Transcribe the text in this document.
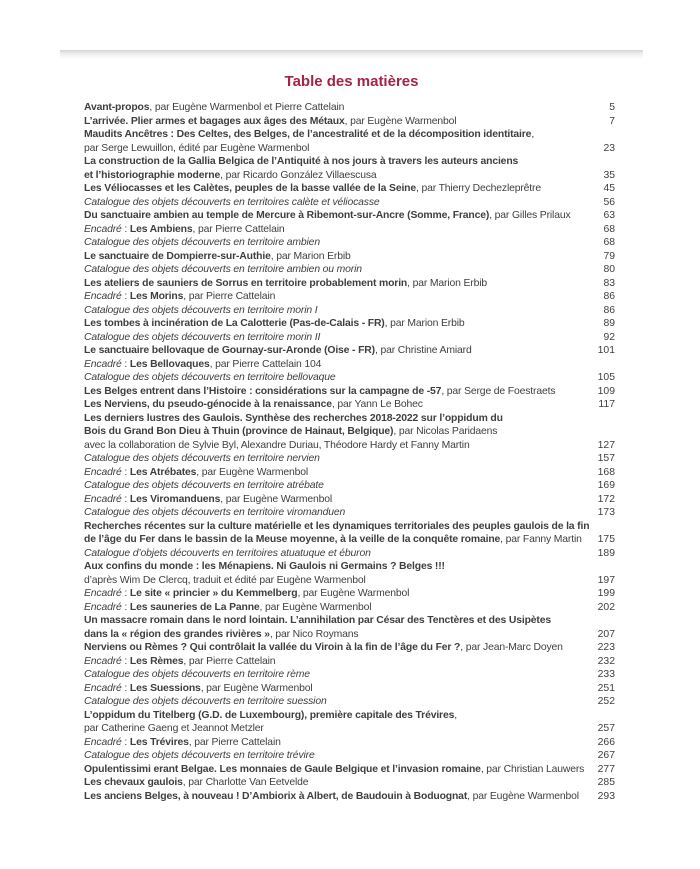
Table des matières
Avant-propos, par Eugène Warmenbol et Pierre Cattelain	5
L’arrivée. Plier armes et bagages aux âges des Métaux, par Eugène Warmenbol	7
Maudits Ancêtres : Des Celtes, des Belges, de l’ancestralité et de la décomposition identitaire,
par Serge Lewuillon, édité par Eugène Warmenbol	23
La construction de la Gallia Belgica de l’Antiquité à nos jours à travers les auteurs anciens
et l’historiographie moderne, par Ricardo González Villaescusa	35
Les Véliocasses et les Calètes, peuples de la basse vallée de la Seine, par Thierry Dechezleprêtre	45
Catalogue des objets découverts en territoires calète et véliocasse	56
Du sanctuaire ambien au temple de Mercure à Ribemont-sur-Ancre (Somme, France), par Gilles Prilaux	63
Encadré : Les Ambiens, par Pierre Cattelain	68
Catalogue des objets découverts en territoire ambien	68
Le sanctuaire de Dompierre-sur-Authie, par Marion Erbib	79
Catalogue des objets découverts en territoire ambien ou morin	80
Les ateliers de sauniers de Sorrus en territoire probablement morin, par Marion Erbib	83
Encadré : Les Morins, par Pierre Cattelain	86
Catalogue des objets découverts en territoire morin I	86
Les tombes à incinération de La Calotterie (Pas-de-Calais - FR), par Marion Erbib	89
Catalogue des objets découverts en territoire morin II	92
Le sanctuaire bellovaque de Gournay-sur-Aronde (Oise - FR), par Christine Amiard	101
Encadré : Les Bellovaques, par Pierre Cattelain 104
Catalogue des objets découverts en territoire bellovaque	105
Les Belges entrent dans l’Histoire : considérations sur la campagne de -57, par Serge de Foestraets	109
Les Nerviens, du pseudo-génocide à la renaissance, par Yann Le Bohec	117
Les derniers lustres des Gaulois. Synthèse des recherches 2018-2022 sur l’oppidum du
Bois du Grand Bon Dieu à Thuin (province de Hainaut, Belgique), par Nicolas Paridaens
avec la collaboration de Sylvie Byl, Alexandre Duriau, Théodore Hardy et Fanny Martin	127
Catalogue des objets découverts en territoire nervien	157
Encadré : Les Atrébates, par Eugène Warmenbol	168
Catalogue des objets découverts en territoire atrébate	169
Encadré : Les Viromanduens, par Eugène Warmenbol	172
Catalogue des objets découverts en territoire viromanduen	173
Recherches récentes sur la culture matérielle et les dynamiques territoriales des peuples gaulois de la fin
de l’âge du Fer dans le bassin de la Meuse moyenne, à la veille de la conquête romaine, par Fanny Martin	175
Catalogue d’objets découverts en territoires atuatuque et éburon	189
Aux confins du monde : les Ménapiens. Ni Gaulois ni Germains ? Belges !!!
d’après Wim De Clercq, traduit et édité par Eugène Warmenbol	197
Encadré : Le site « princier » du Kemmelberg, par Eugène Warmenbol	199
Encadré : Les sauneries de La Panne, par Eugène Warmenbol	202
Un massacre romain dans le nord lointain. L’annihilation par César des Tenctères et des Usipètes
dans la « région des grandes rivières », par Nico Roymans	207
Nerviens ou Rèmes ? Qui contrôlait la vallée du Viroin à la fin de l’âge du Fer ?, par Jean-Marc Doyen	223
Encadré : Les Rèmes, par Pierre Cattelain	232
Catalogue des objets découverts en territoire rème	233
Encadré : Les Suessions, par Eugène Warmenbol	251
Catalogue des objets découverts en territoire suession	252
L’oppidum du Titelberg (G.D. de Luxembourg), première capitale des Trévires,
par Catherine Gaeng et Jeannot Metzler	257
Encadré : Les Trévires, par Pierre Cattelain	266
Catalogue des objets découverts en territoire trévire	267
Opulentissimi erant Belgae. Les monnaies de Gaule Belgique et l’invasion romaine, par Christian Lauwers	277
Les chevaux gaulois, par Charlotte Van Eetvelde	285
Les anciens Belges, à nouveau ! D’Ambiorix à Albert, de Baudouin à Boduognat, par Eugène Warmenbol	293
